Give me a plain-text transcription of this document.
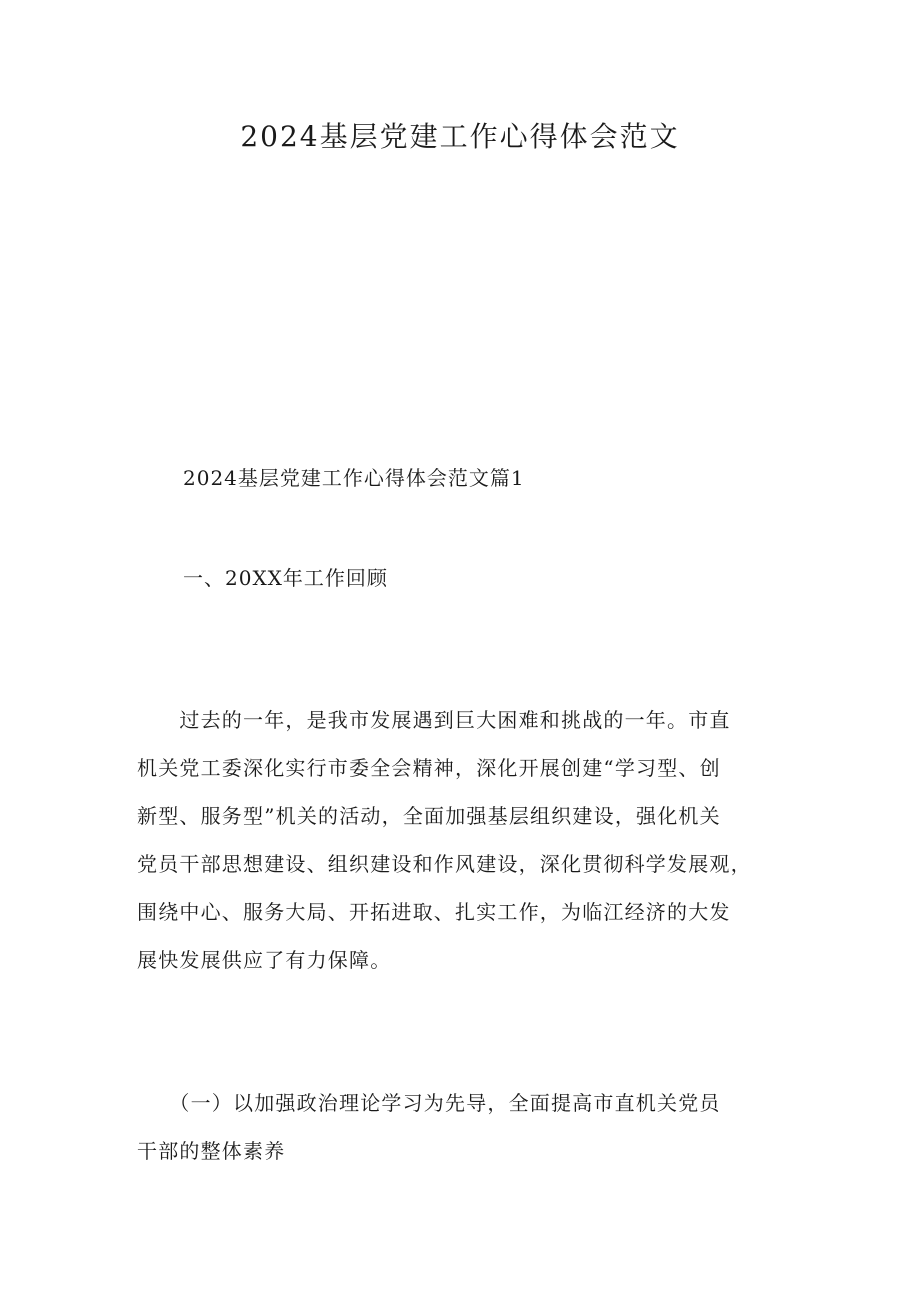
2024基层党建工作心得体会范文

2024基层党建工作心得体会范文篇1

一、20XX年工作回顾

　　过去的一年，是我市发展遇到巨大困难和挑战的一年。市直
机关党工委深化实行市委全会精神，深化开展创建“学习型、创
新型、服务型”机关的活动，全面加强基层组织建设，强化机关
党员干部思想建设、组织建设和作风建设，深化贯彻科学发展观，
围绕中心、服务大局、开拓进取、扎实工作，为临江经济的大发
展快发展供应了有力保障。

　　（一）以加强政治理论学习为先导，全面提高市直机关党员
干部的整体素养
